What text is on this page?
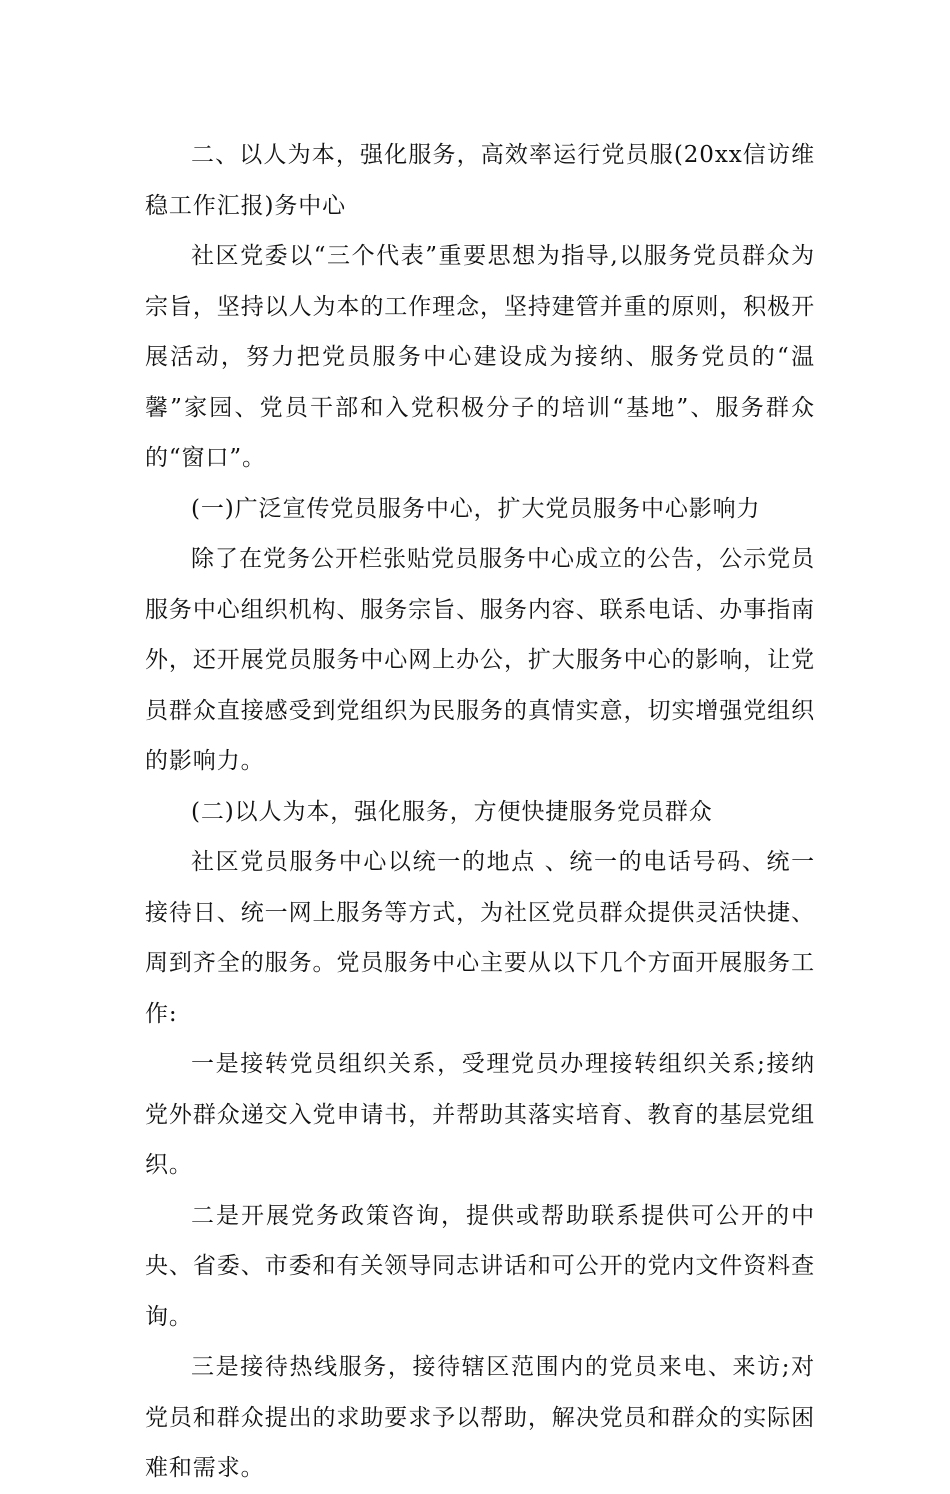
二、以人为本，强化服务，高效率运行党员服(20xx信访维稳工作汇报)务中心

社区党委以“三个代表”重要思想为指导,以服务党员群众为宗旨，坚持以人为本的工作理念，坚持建管并重的原则，积极开展活动，努力把党员服务中心建设成为接纳、服务党员的“温馨”家园、党员干部和入党积极分子的培训“基地”、服务群众的“窗口”。

(一)广泛宣传党员服务中心，扩大党员服务中心影响力

除了在党务公开栏张贴党员服务中心成立的公告，公示党员服务中心组织机构、服务宗旨、服务内容、联系电话、办事指南外，还开展党员服务中心网上办公，扩大服务中心的影响，让党员群众直接感受到党组织为民服务的真情实意，切实增强党组织的影响力。

(二)以人为本，强化服务，方便快捷服务党员群众

社区党员服务中心以统一的地点 、统一的电话号码、统一接待日、统一网上服务等方式，为社区党员群众提供灵活快捷、周到齐全的服务。党员服务中心主要从以下几个方面开展服务工作:

一是接转党员组织关系，受理党员办理接转组织关系;接纳党外群众递交入党申请书，并帮助其落实培育、教育的基层党组织。

二是开展党务政策咨询，提供或帮助联系提供可公开的中央、省委、市委和有关领导同志讲话和可公开的党内文件资料查询。

三是接待热线服务，接待辖区范围内的党员来电、来访;对党员和群众提出的求助要求予以帮助，解决党员和群众的实际困难和需求。
